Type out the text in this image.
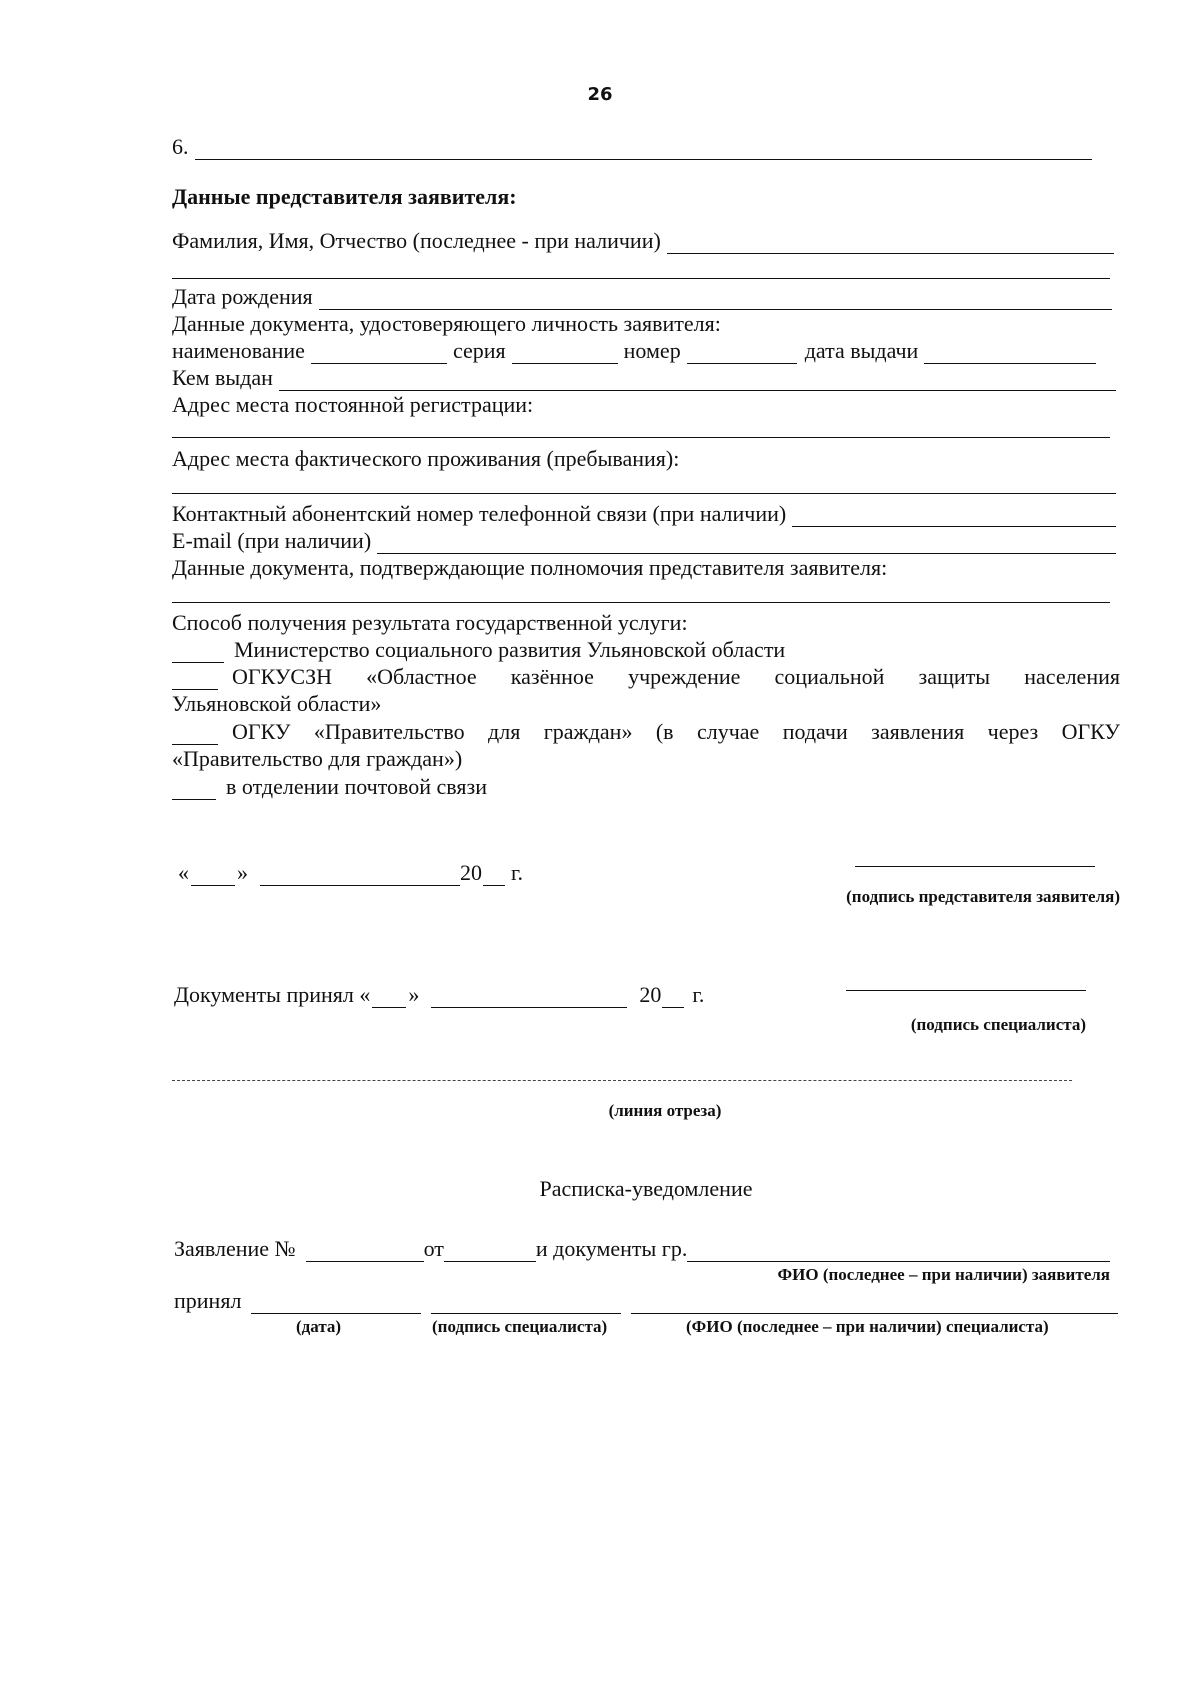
26
6.
Данные представителя заявителя:
Фамилия, Имя, Отчество (последнее - при наличии)
Дата рождения
Данные документа, удостоверяющего личность заявителя:
наименование	серия	номер	дата выдачи
Кем выдан
Адрес места постоянной регистрации:
Адрес места фактического проживания (пребывания):
Контактный абонентский номер телефонной связи (при наличии)
E-mail (при наличии)
Данные документа, подтверждающие полномочия представителя заявителя:
Способ получения результата государственной услуги:
Министерство социального развития Ульяновской области
ОГКУСЗН «Областное казённое учреждение социальной защиты населения
Ульяновской области»
ОГКУ «Правительство для граждан» (в случае подачи заявления через ОГКУ
«Правительство для граждан»)
в отделении почтовой связи
« »	20 г.
(подпись представителя заявителя)
Документы принял « »	20 г.
(подпись специалиста)
(линия отреза)
Расписка-уведомление
Заявление №	от	и документы гр.
ФИО (последнее – при наличии) заявителя
принял
(дата)	(подпись специалиста)	(ФИО (последнее – при наличии) специалиста)
